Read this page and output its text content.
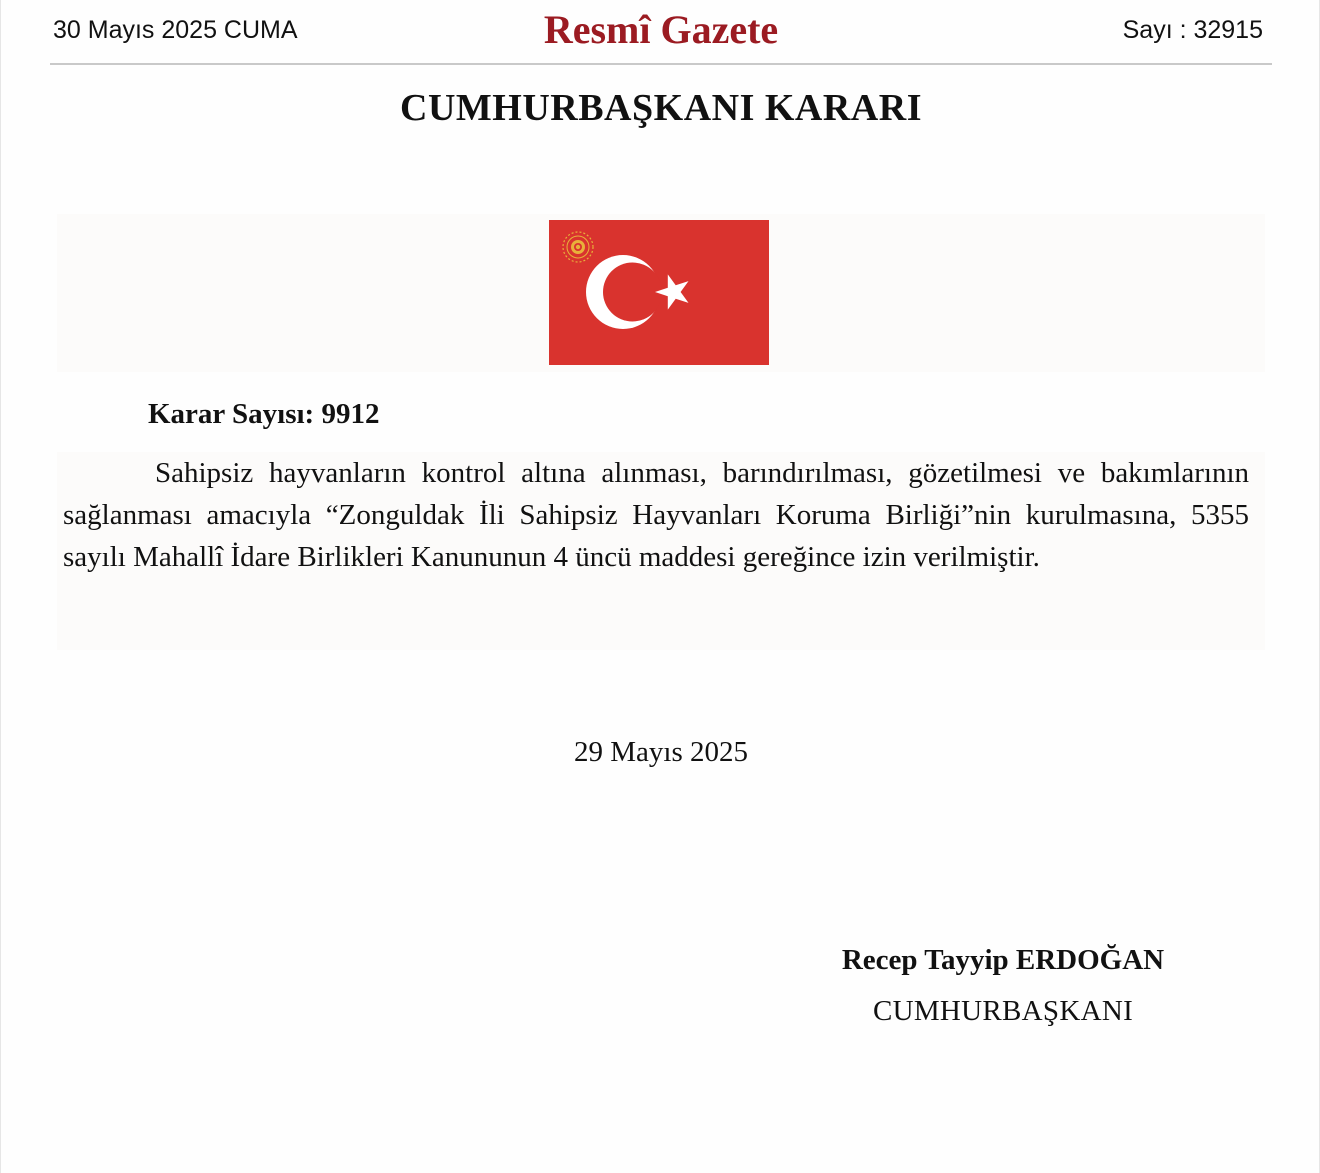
30 Mayıs 2025 CUMA	Resmî Gazete	Sayı : 32915
CUMHURBAŞKANI KARARI
Karar Sayısı: 9912

Sahipsiz hayvanların kontrol altına alınması, barındırılması, gözetilmesi ve bakımlarının sağlanması amacıyla “Zonguldak İli Sahipsiz Hayvanları Koruma Birliği”nin kurulmasına, 5355 sayılı Mahallî İdare Birlikleri Kanununun 4 üncü maddesi gereğince izin verilmiştir.

29 Mayıs 2025
Recep Tayyip ERDOĞAN
CUMHURBAŞKANI
